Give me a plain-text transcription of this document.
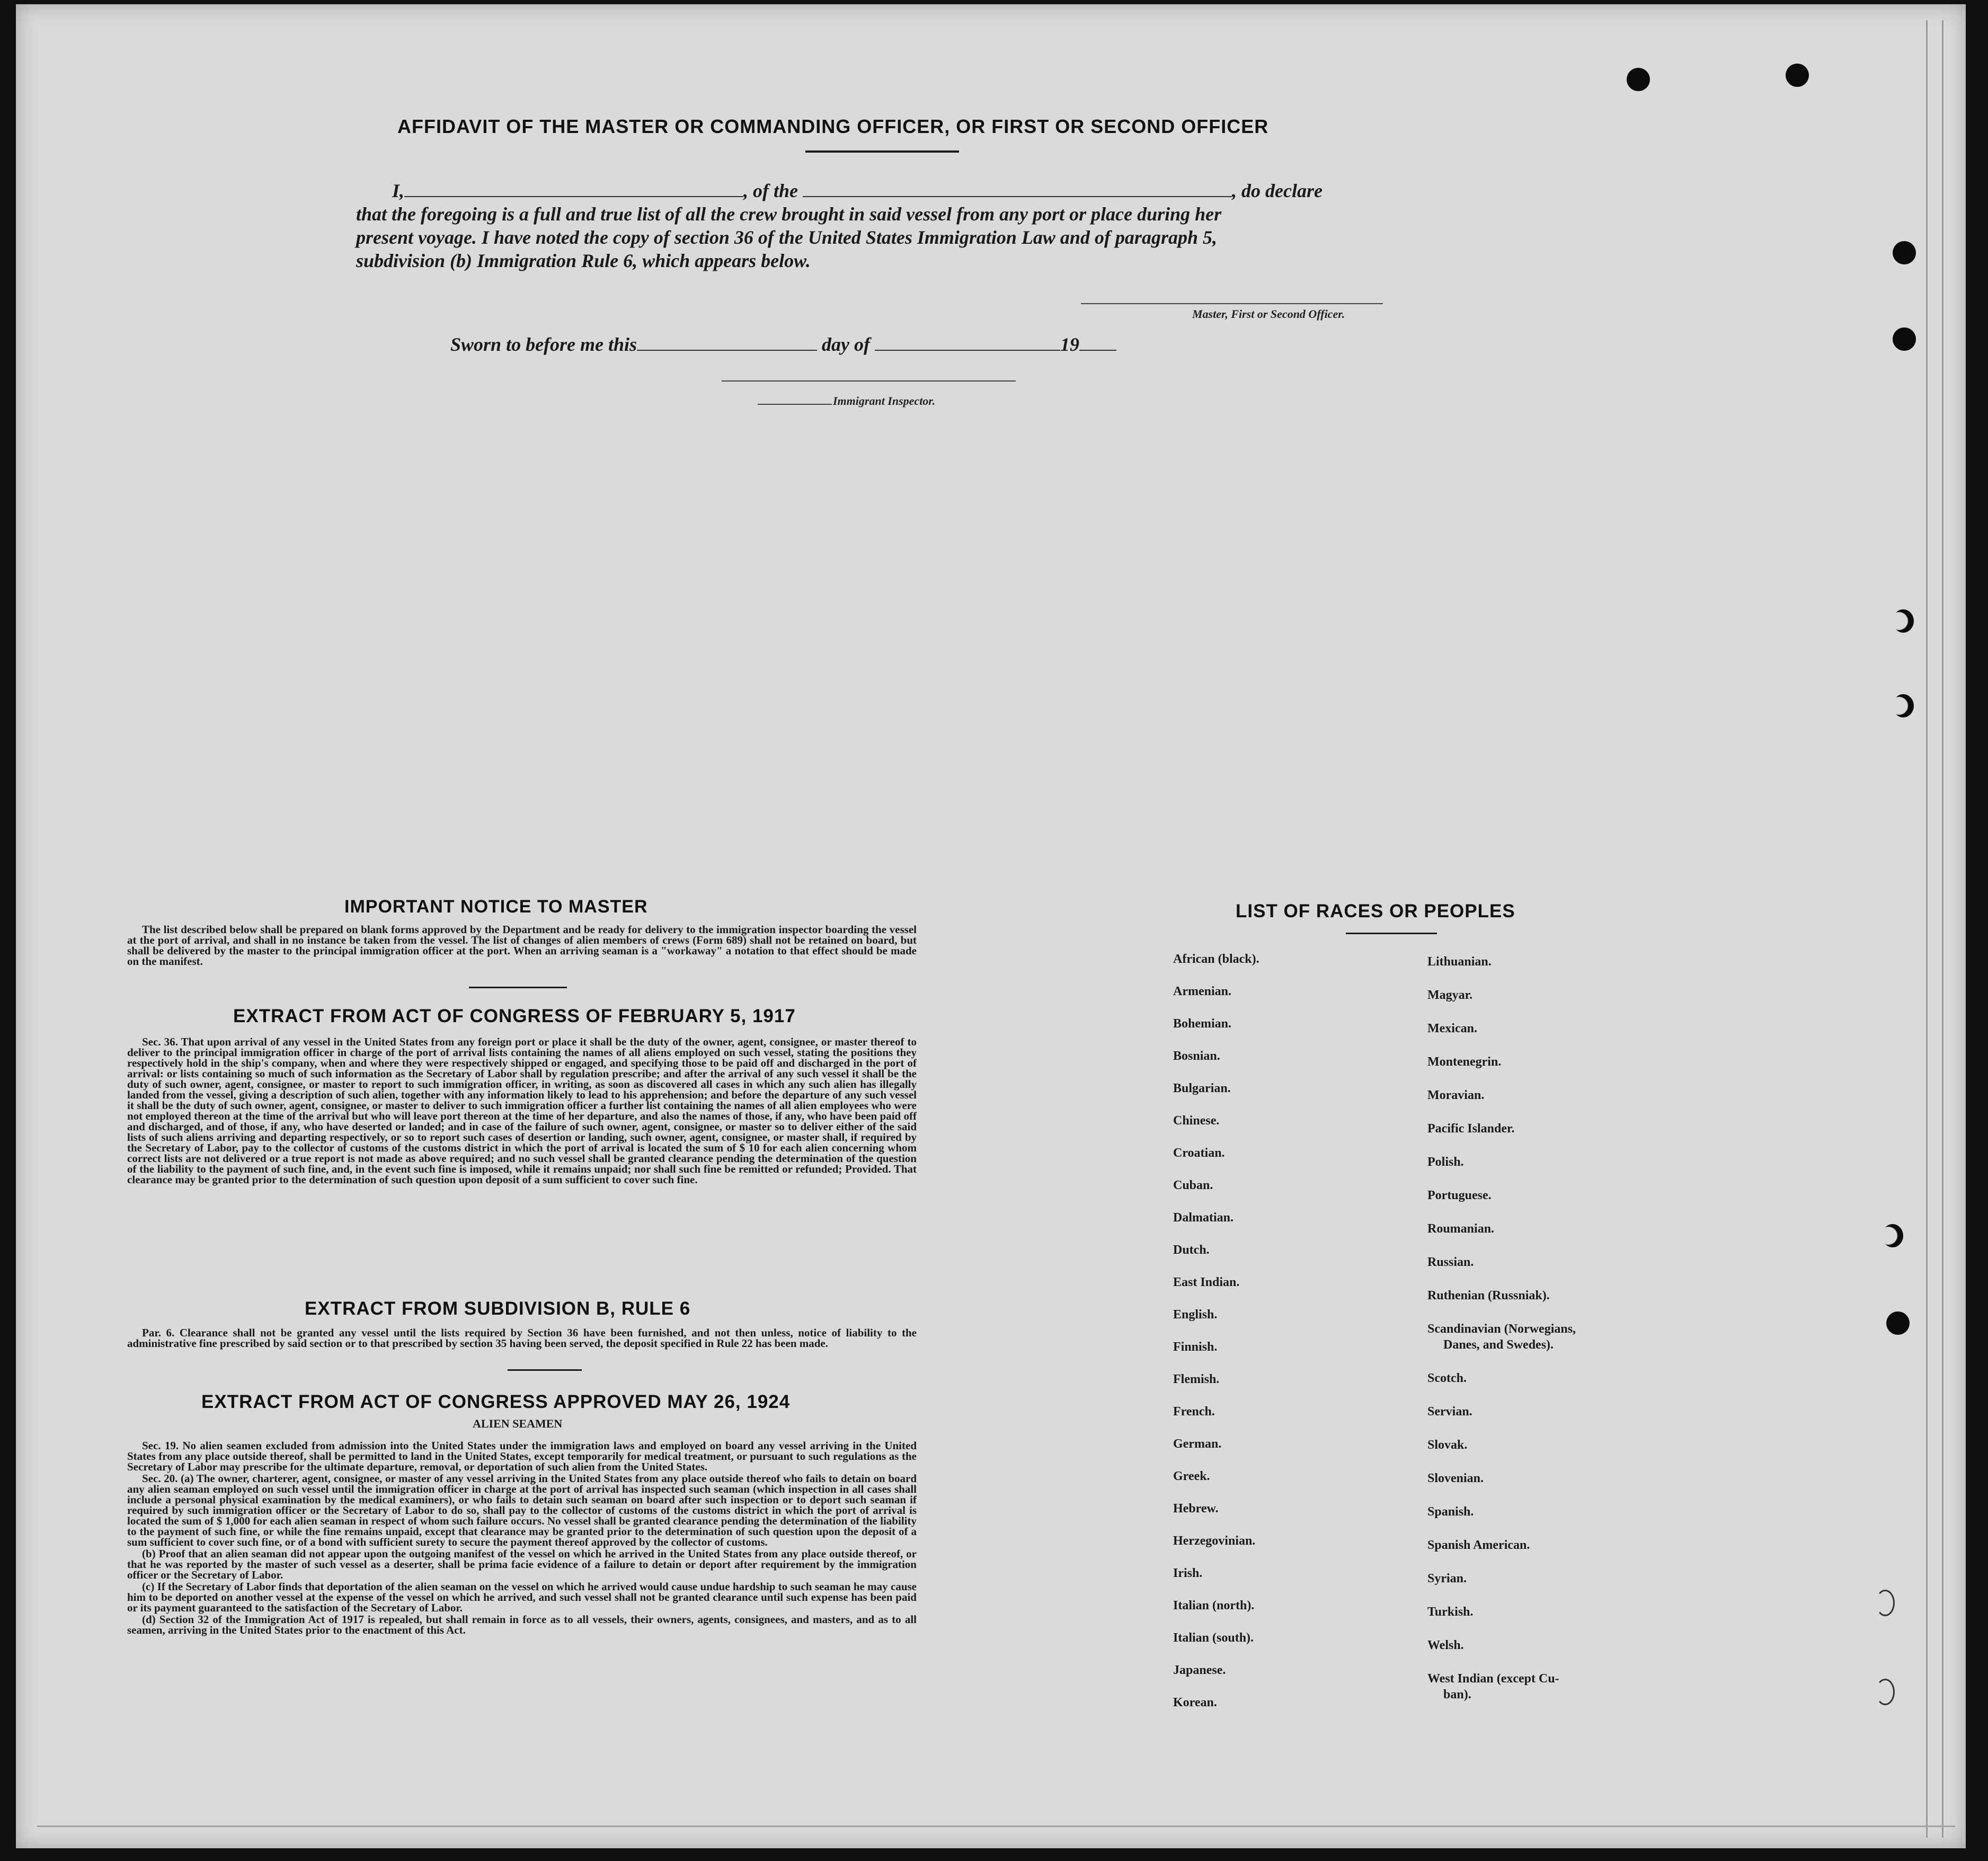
AFFIDAVIT OF THE MASTER OR COMMANDING OFFICER, OR FIRST OR SECOND OFFICER
I,	, of the	, do declare
that the foregoing is a full and true list of all the crew brought in said vessel from any port or place during her
present voyage. I have noted the copy of section 36 of the United States Immigration Law and of paragraph 5,
subdivision (b) Immigration Rule 6, which appears below.
Master, First or Second Officer.
Sworn to before me this	day of	19
Immigrant Inspector.
IMPORTANT NOTICE TO MASTER

The list described below shall be prepared on blank forms approved by the Department and be ready for delivery to the immigration inspector boarding the vessel at the port of arrival, and shall in no instance be taken from the vessel. The list of changes of alien members of crews (Form 689) shall not be retained on board, but shall be delivered by the master to the principal immigration officer at the port. When an arriving seaman is a "workaway" a notation to that effect should be made on the manifest.

EXTRACT FROM ACT OF CONGRESS OF FEBRUARY 5, 1917

Sec. 36. That upon arrival of any vessel in the United States from any foreign port or place it shall be the duty of the owner, agent, consignee, or master thereof to deliver to the principal immigration officer in charge of the port of arrival lists containing the names of all aliens employed on such vessel, stating the positions they respectively hold in the ship's company, when and where they were respectively shipped or engaged, and specifying those to be paid off and discharged in the port of arrival: or lists containing so much of such information as the Secretary of Labor shall by regulation prescribe; and after the arrival of any such vessel it shall be the duty of such owner, agent, consignee, or master to report to such immigration officer, in writing, as soon as discovered all cases in which any such alien has illegally landed from the vessel, giving a description of such alien, together with any information likely to lead to his apprehension; and before the departure of any such vessel it shall be the duty of such owner, agent, consignee, or master to deliver to such immigration officer a further list containing the names of all alien employees who were not employed thereon at the time of the arrival but who will leave port thereon at the time of her departure, and also the names of those, if any, who have been paid off and discharged, and of those, if any, who have deserted or landed; and in case of the failure of such owner, agent, consignee, or master so to deliver either of the said lists of such aliens arriving and departing respectively, or so to report such cases of desertion or landing, such owner, agent, consignee, or master shall, if required by the Secretary of Labor, pay to the collector of customs of the customs district in which the port of arrival is located the sum of $ 10 for each alien concerning whom correct lists are not delivered or a true report is not made as above required; and no such vessel shall be granted clearance pending the determination of the question of the liability to the payment of such fine, and, in the event such fine is imposed, while it remains unpaid; nor shall such fine be remitted or refunded; Provided. That clearance may be granted prior to the determination of such question upon deposit of a sum sufficient to cover such fine.

EXTRACT FROM SUBDIVISION B, RULE 6

Par. 6. Clearance shall not be granted any vessel until the lists required by Section 36 have been furnished, and not then unless, notice of liability to the administrative fine prescribed by said section or to that prescribed by section 35 having been served, the deposit specified in Rule 22 has been made.

EXTRACT FROM ACT OF CONGRESS APPROVED MAY 26, 1924
ALIEN SEAMEN

Sec. 19. No alien seamen excluded from admission into the United States under the immigration laws and employed on board any vessel arriving in the United States from any place outside thereof, shall be permitted to land in the United States, except temporarily for medical treatment, or pursuant to such regulations as the Secretary of Labor may prescribe for the ultimate departure, removal, or deportation of such alien from the United States.

Sec. 20. (a) The owner, charterer, agent, consignee, or master of any vessel arriving in the United States from any place outside thereof who fails to detain on board any alien seaman employed on such vessel until the immigration officer in charge at the port of arrival has inspected such seaman (which inspection in all cases shall include a personal physical examination by the medical examiners), or who fails to detain such seaman on board after such inspection or to deport such seaman if required by such immigration officer or the Secretary of Labor to do so, shall pay to the collector of customs of the customs district in which the port of arrival is located the sum of $ 1,000 for each alien seaman in respect of whom such failure occurs. No vessel shall be granted clearance pending the determination of the liability to the payment of such fine, or while the fine remains unpaid, except that clearance may be granted prior to the determination of such question upon the deposit of a sum sufficient to cover such fine, or of a bond with sufficient surety to secure the payment thereof approved by the collector of customs.

(b) Proof that an alien seaman did not appear upon the outgoing manifest of the vessel on which he arrived in the United States from any place outside thereof, or that he was reported by the master of such vessel as a deserter, shall be prima facie evidence of a failure to detain or deport after requirement by the immigration officer or the Secretary of Labor.

(c) If the Secretary of Labor finds that deportation of the alien seaman on the vessel on which he arrived would cause undue hardship to such seaman he may cause him to be deported on another vessel at the expense of the vessel on which he arrived, and such vessel shall not be granted clearance until such expense has been paid or its payment guaranteed to the satisfaction of the Secretary of Labor.

(d) Section 32 of the Immigration Act of 1917 is repealed, but shall remain in force as to all vessels, their owners, agents, consignees, and masters, and as to all seamen, arriving in the United States prior to the enactment of this Act.

LIST OF RACES OR PEOPLES
African (black).
Armenian.
Bohemian.
Bosnian.
Bulgarian.
Chinese.
Croatian.
Cuban.
Dalmatian.
Dutch.
East Indian.
English.
Finnish.
Flemish.
French.
German.
Greek.
Hebrew.
Herzegovinian.
Irish.
Italian (north).
Italian (south).
Japanese.
Korean.
Lithuanian.
Magyar.
Mexican.
Montenegrin.
Moravian.
Pacific Islander.
Polish.
Portuguese.
Roumanian.
Russian.
Ruthenian (Russniak).
Scandinavian (Norwegians,
Danes, and Swedes).
Scotch.
Servian.
Slovak.
Slovenian.
Spanish.
Spanish American.
Syrian.
Turkish.
Welsh.
West Indian (except Cu-
ban).
